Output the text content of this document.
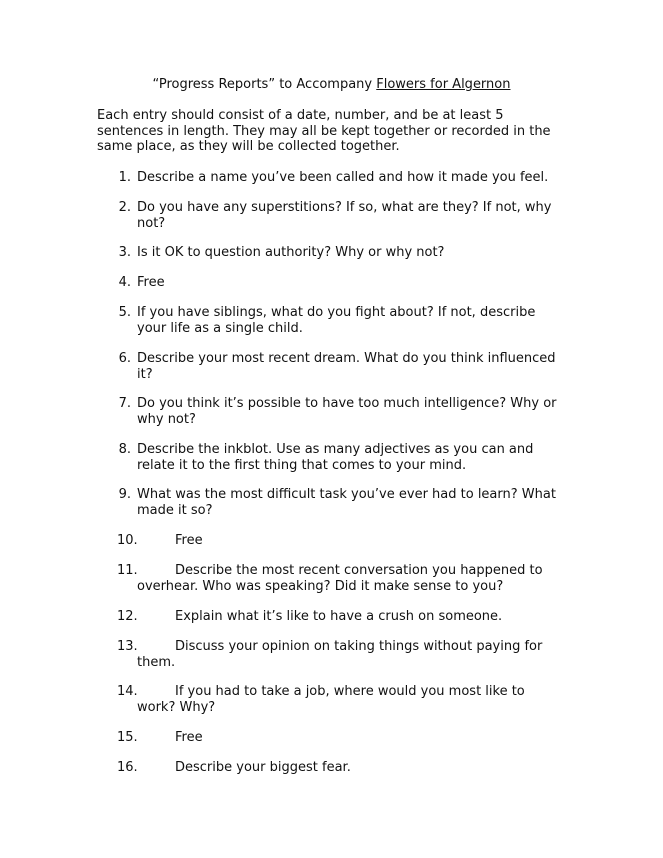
“Progress Reports” to Accompany Flowers for Algernon
Each entry should consist of a date, number, and be at least 5 sentences in length. They may all be kept together or recorded in the same place, as they will be collected together.
1. Describe a name you’ve been called and how it made you feel.
2. Do you have any superstitions? If so, what are they? If not, why not?
3. Is it OK to question authority? Why or why not?
4. Free
5. If you have siblings, what do you fight about? If not, describe your life as a single child.
6. Describe your most recent dream. What do you think influenced it?
7. Do you think it’s possible to have too much intelligence? Why or why not?
8. Describe the inkblot. Use as many adjectives as you can and relate it to the first thing that comes to your mind.
9. What was the most difficult task you’ve ever had to learn? What made it so?
10.	Free
11.	Describe the most recent conversation you happened to overhear. Who was speaking? Did it make sense to you?
12.	Explain what it’s like to have a crush on someone.
13.	Discuss your opinion on taking things without paying for them.
14.	If you had to take a job, where would you most like to work? Why?
15.	Free
16.	Describe your biggest fear.
